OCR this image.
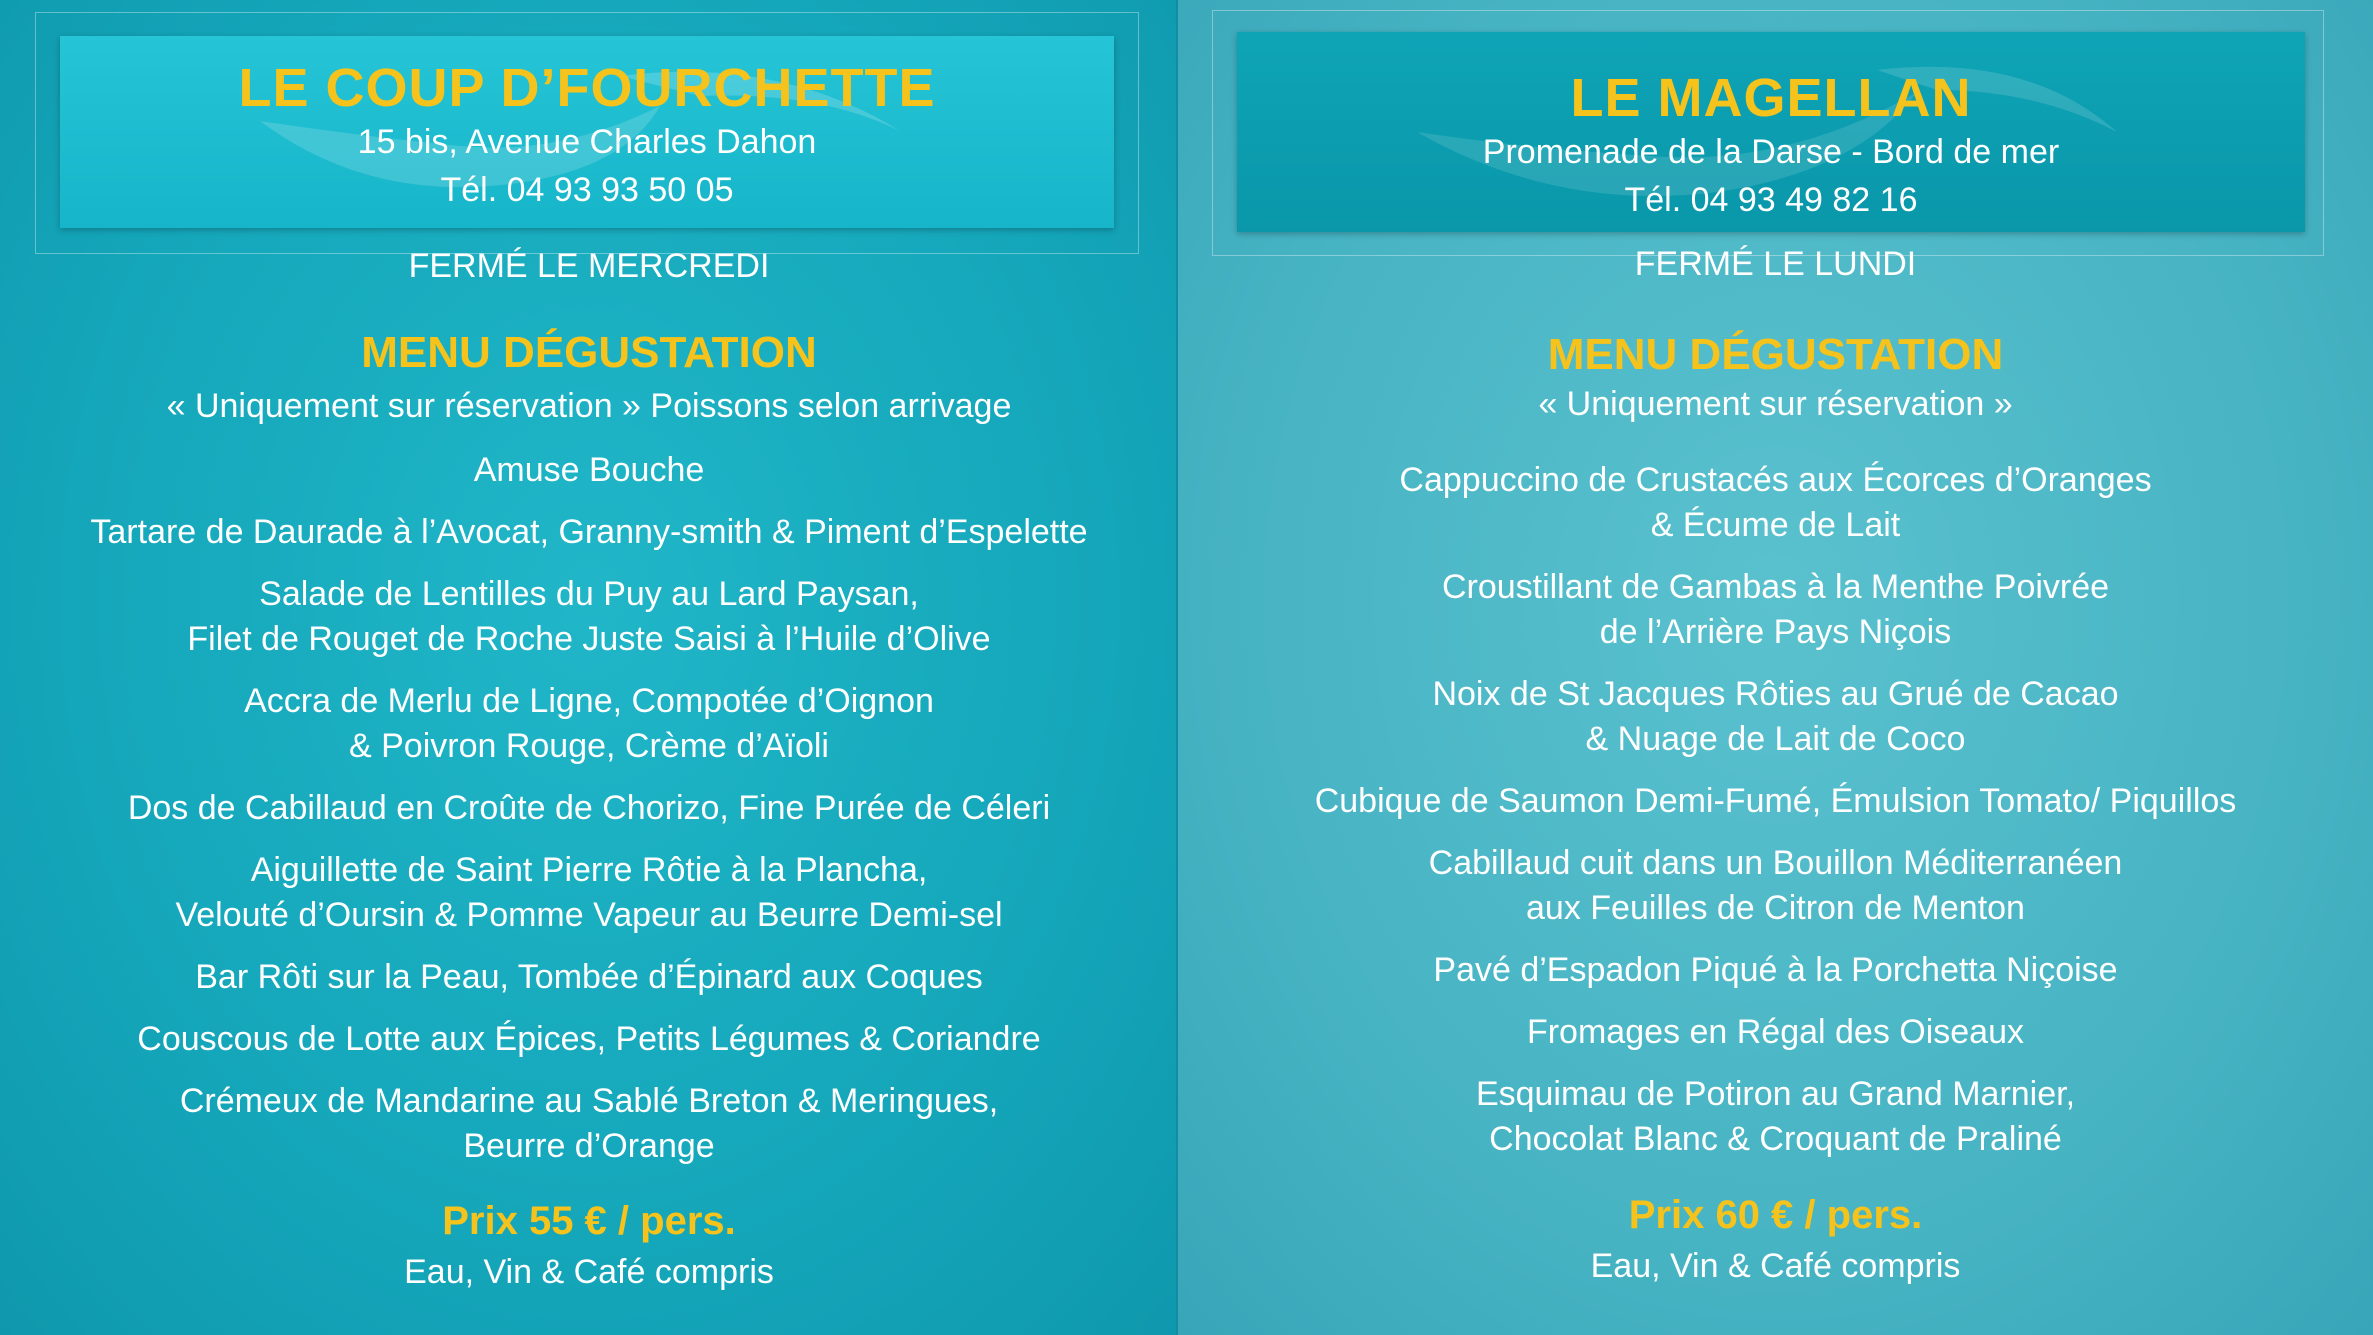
LE COUP D’FOURCHETTE
15 bis, Avenue Charles Dahon
Tél. 04 93 93 50 05
FERMÉ LE MERCREDI
MENU DÉGUSTATION
« Uniquement sur réservation » Poissons selon arrivage
Amuse Bouche
Tartare de Daurade à l’Avocat, Granny-smith & Piment d’Espelette
Salade de Lentilles du Puy au Lard Paysan,
Filet de Rouget de Roche Juste Saisi à l’Huile d’Olive
Accra de Merlu de Ligne, Compotée d’Oignon
& Poivron Rouge, Crème d’Aïoli
Dos de Cabillaud en Croûte de Chorizo, Fine Purée de Céleri
Aiguillette de Saint Pierre Rôtie à la Plancha,
Velouté d’Oursin & Pomme Vapeur au Beurre Demi-sel
Bar Rôti sur la Peau, Tombée d’Épinard aux Coques
Couscous de Lotte aux Épices, Petits Légumes & Coriandre
Crémeux de Mandarine au Sablé Breton & Meringues,
Beurre d’Orange
Prix 55 € / pers.
Eau, Vin & Café compris
LE MAGELLAN
Promenade de la Darse - Bord de mer
Tél. 04 93 49 82 16
FERMÉ LE LUNDI
MENU DÉGUSTATION
« Uniquement sur réservation »
Cappuccino de Crustacés aux Écorces d’Oranges
& Écume de Lait
Croustillant de Gambas à la Menthe Poivrée
de l’Arrière Pays Niçois
Noix de St Jacques Rôties au Grué de Cacao
& Nuage de Lait de Coco
Cubique de Saumon Demi-Fumé, Émulsion Tomato/ Piquillos
Cabillaud cuit dans un Bouillon Méditerranéen
aux Feuilles de Citron de Menton
Pavé d’Espadon Piqué à la Porchetta Niçoise
Fromages en Régal des Oiseaux
Esquimau de Potiron au Grand Marnier,
Chocolat Blanc & Croquant de Praliné
Prix 60 € / pers.
Eau, Vin & Café compris
